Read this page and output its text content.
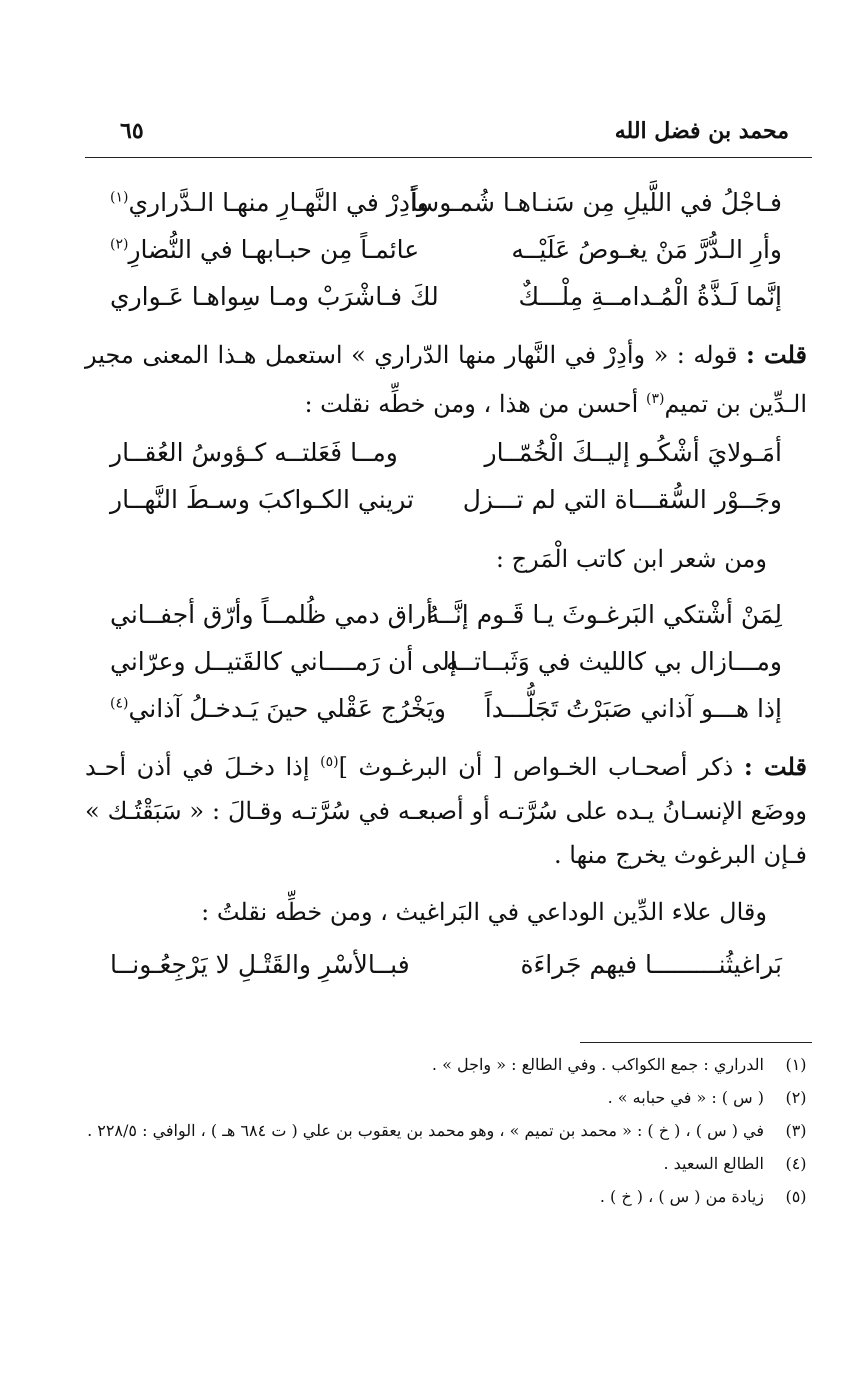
محمد بن فضل الله
٦٥
فـاجْلُ في اللَّيلِ مِن سَنـاهـا شُمـوساً
وأدِرْ في النَّهـارِ منهـا الـدَّراري$^{(١)}$
وأرِ الـدُّرَّ مَنْ يغـوصُ عَلَيْــه
عائمـاً مِن حبـابهـا في النُّضارِ$^{(٢)}$
إنَّما لَـذَّةُ الْمُـدامــةِ مِلْـــكٌ
لكَ فـاشْرَبْ ومـا سِواهـا عَـواري
قلت : قوله : « وأدِرْ في النَّهار منها الدّراري » استعمل هـذا المعنى مجير الـدِّين بن تميم$^{(٣)}$ أحسن من هذا ، ومن خطِّه نقلت :
أمَـولايَ أشْكُـو إليــكَ الْخُمّــار
ومــا فَعَلتــه كـؤوسُ العُقــار
وجَــوْر السُّقـــاة التي لم تـــزل
تريني الكـواكبَ وسـطَ النَّهــار
ومن شعر ابن كاتب الْمَرج :
لِمَنْ أشْتكي البَرغـوثَ يـا قَـوم إنَّــهُ
أراق دمي ظُلمــاً وأرّق أجفــاني
ومـــازال بي كالليث في وَثَبــاتــه
إلى أن رَمــــاني كالقَتيــل وعرّاني
إذا هـــو آذاني صَبَرْتُ تَجَلُّـــداً
ويَخْرُج عَقْلي حينَ يَـدخـلُ آذاني$^{(٤)}$
قلت : ذكر أصحـاب الخـواص [ أن البرغـوث ]$^{(٥)}$ إذا دخـلَ في أذن أحـد ووضَع الإنسـانُ يـده على سُرَّتـه أو أصبعـه في سُرَّتـه وقـالَ : « سَبَقْتُـك » فـإن البرغوث يخرج منها .
وقال علاء الدِّين الوداعي في البَراغيث ، ومن خطِّه نقلتُ :
بَراغيثُنـــــــــا فيهم جَراءَة
فبــالأسْرِ والقَتْـلِ لا يَرْجِعُـونــا
(١)
الدراري : جمع الكواكب . وفي الطالع : « واجل » .
(٢)
( س ) : « في حبابه » .
(٣)
في ( س ) ، ( خ ) : « محمد بن تميم » ، وهو محمد بن يعقوب بن علي ( ت ٦٨٤ هـ ) ، الوافي : ٢٢٨/٥ .
(٤)
الطالع السعيد .
(٥)
زيادة من ( س ) ، ( خ ) .
